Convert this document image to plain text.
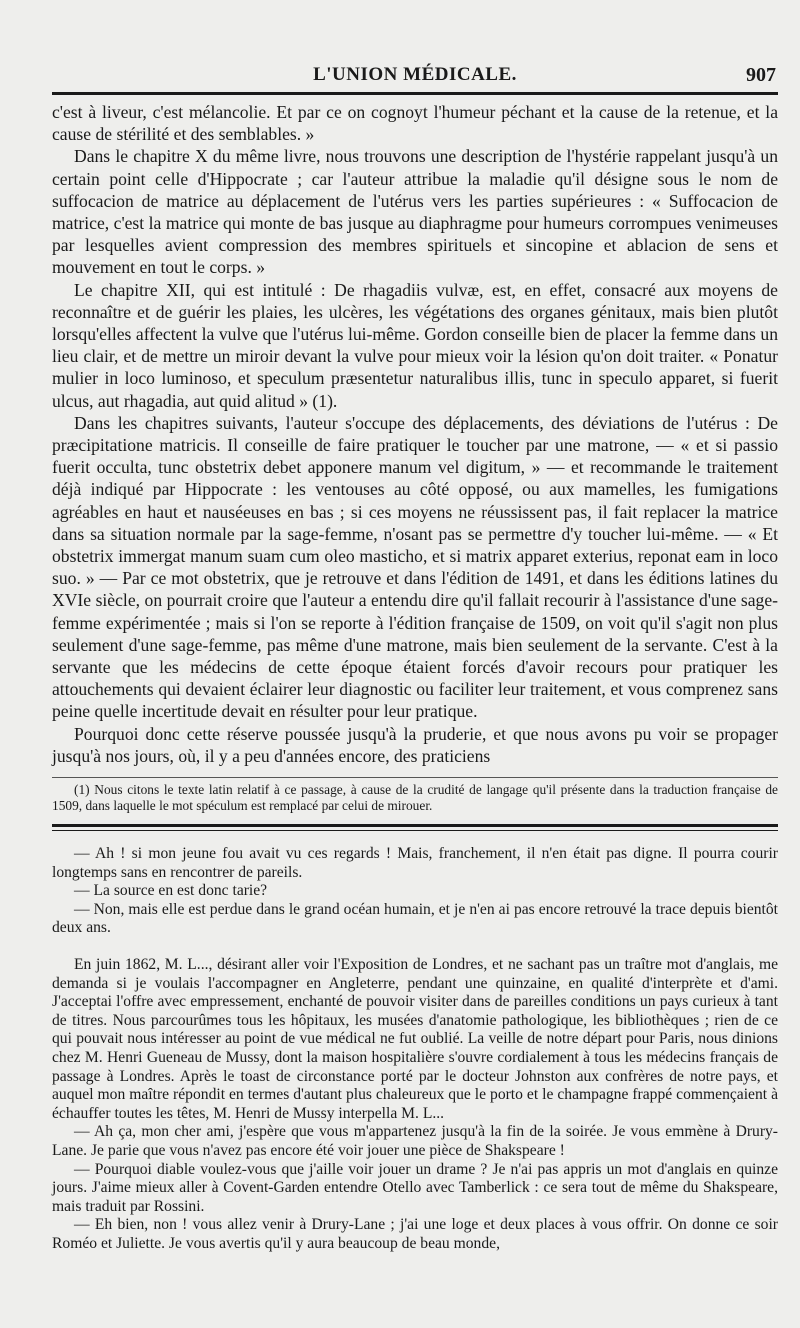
L'UNION MÉDICALE.	907

c'est à liveur, c'est mélancolie. Et par ce on cognoyt l'humeur péchant et la cause de la retenue, et la cause de stérilité et des semblables. »

Dans le chapitre X du même livre, nous trouvons une description de l'hystérie rappelant jusqu'à un certain point celle d'Hippocrate ; car l'auteur attribue la maladie qu'il désigne sous le nom de suffocacion de matrice au déplacement de l'utérus vers les parties supérieures : « Suffocacion de matrice, c'est la matrice qui monte de bas jusque au diaphragme pour humeurs corrompues venimeuses par lesquelles avient compression des membres spirituels et sincopine et ablacion de sens et mouvement en tout le corps. »

Le chapitre XII, qui est intitulé : De rhagadiis vulvæ, est, en effet, consacré aux moyens de reconnaître et de guérir les plaies, les ulcères, les végétations des organes génitaux, mais bien plutôt lorsqu'elles affectent la vulve que l'utérus lui-même. Gordon conseille bien de placer la femme dans un lieu clair, et de mettre un miroir devant la vulve pour mieux voir la lésion qu'on doit traiter. « Ponatur mulier in loco luminoso, et speculum præsentetur naturalibus illis, tunc in speculo apparet, si fuerit ulcus, aut rhagadia, aut quid alitud » (1).

Dans les chapitres suivants, l'auteur s'occupe des déplacements, des déviations de l'utérus : De præcipitatione matricis. Il conseille de faire pratiquer le toucher par une matrone, — « et si passio fuerit occulta, tunc obstetrix debet apponere manum vel digitum, » — et recommande le traitement déjà indiqué par Hippocrate : les ventouses au côté opposé, ou aux mamelles, les fumigations agréables en haut et nauséeuses en bas ; si ces moyens ne réussissent pas, il fait replacer la matrice dans sa situation normale par la sage-femme, n'osant pas se permettre d'y toucher lui-même. — « Et obstetrix immergat manum suam cum oleo masticho, et si matrix apparet exterius, reponat eam in loco suo. » — Par ce mot obstetrix, que je retrouve et dans l'édition de 1491, et dans les éditions latines du XVIe siècle, on pourrait croire que l'auteur a entendu dire qu'il fallait recourir à l'assistance d'une sage-femme expérimentée ; mais si l'on se reporte à l'édition française de 1509, on voit qu'il s'agit non plus seulement d'une sage-femme, pas même d'une matrone, mais bien seulement de la servante. C'est à la servante que les médecins de cette époque étaient forcés d'avoir recours pour pratiquer les attouchements qui devaient éclairer leur diagnostic ou faciliter leur traitement, et vous comprenez sans peine quelle incertitude devait en résulter pour leur pratique.

Pourquoi donc cette réserve poussée jusqu'à la pruderie, et que nous avons pu voir se propager jusqu'à nos jours, où, il y a peu d'années encore, des praticiens

(1) Nous citons le texte latin relatif à ce passage, à cause de la crudité de langage qu'il présente dans la traduction française de 1509, dans laquelle le mot spéculum est remplacé par celui de mirouer.

— Ah ! si mon jeune fou avait vu ces regards ! Mais, franchement, il n'en était pas digne. Il pourra courir longtemps sans en rencontrer de pareils.

— La source en est donc tarie?

— Non, mais elle est perdue dans le grand océan humain, et je n'en ai pas encore retrouvé la trace depuis bientôt deux ans.

En juin 1862, M. L..., désirant aller voir l'Exposition de Londres, et ne sachant pas un traître mot d'anglais, me demanda si je voulais l'accompagner en Angleterre, pendant une quinzaine, en qualité d'interprète et d'ami. J'acceptai l'offre avec empressement, enchanté de pouvoir visiter dans de pareilles conditions un pays curieux à tant de titres. Nous parcourûmes tous les hôpitaux, les musées d'anatomie pathologique, les bibliothèques ; rien de ce qui pouvait nous intéresser au point de vue médical ne fut oublié. La veille de notre départ pour Paris, nous dinions chez M. Henri Gueneau de Mussy, dont la maison hospitalière s'ouvre cordialement à tous les médecins français de passage à Londres. Après le toast de circonstance porté par le docteur Johnston aux confrères de notre pays, et auquel mon maître répondit en termes d'autant plus chaleureux que le porto et le champagne frappé commençaient à échauffer toutes les têtes, M. Henri de Mussy interpella M. L...

— Ah ça, mon cher ami, j'espère que vous m'appartenez jusqu'à la fin de la soirée. Je vous emmène à Drury-Lane. Je parie que vous n'avez pas encore été voir jouer une pièce de Shakspeare !

— Pourquoi diable voulez-vous que j'aille voir jouer un drame ? Je n'ai pas appris un mot d'anglais en quinze jours. J'aime mieux aller à Covent-Garden entendre Otello avec Tamberlick : ce sera tout de même du Shakspeare, mais traduit par Rossini.

— Eh bien, non ! vous allez venir à Drury-Lane ; j'ai une loge et deux places à vous offrir. On donne ce soir Roméo et Juliette. Je vous avertis qu'il y aura beaucoup de beau monde,
